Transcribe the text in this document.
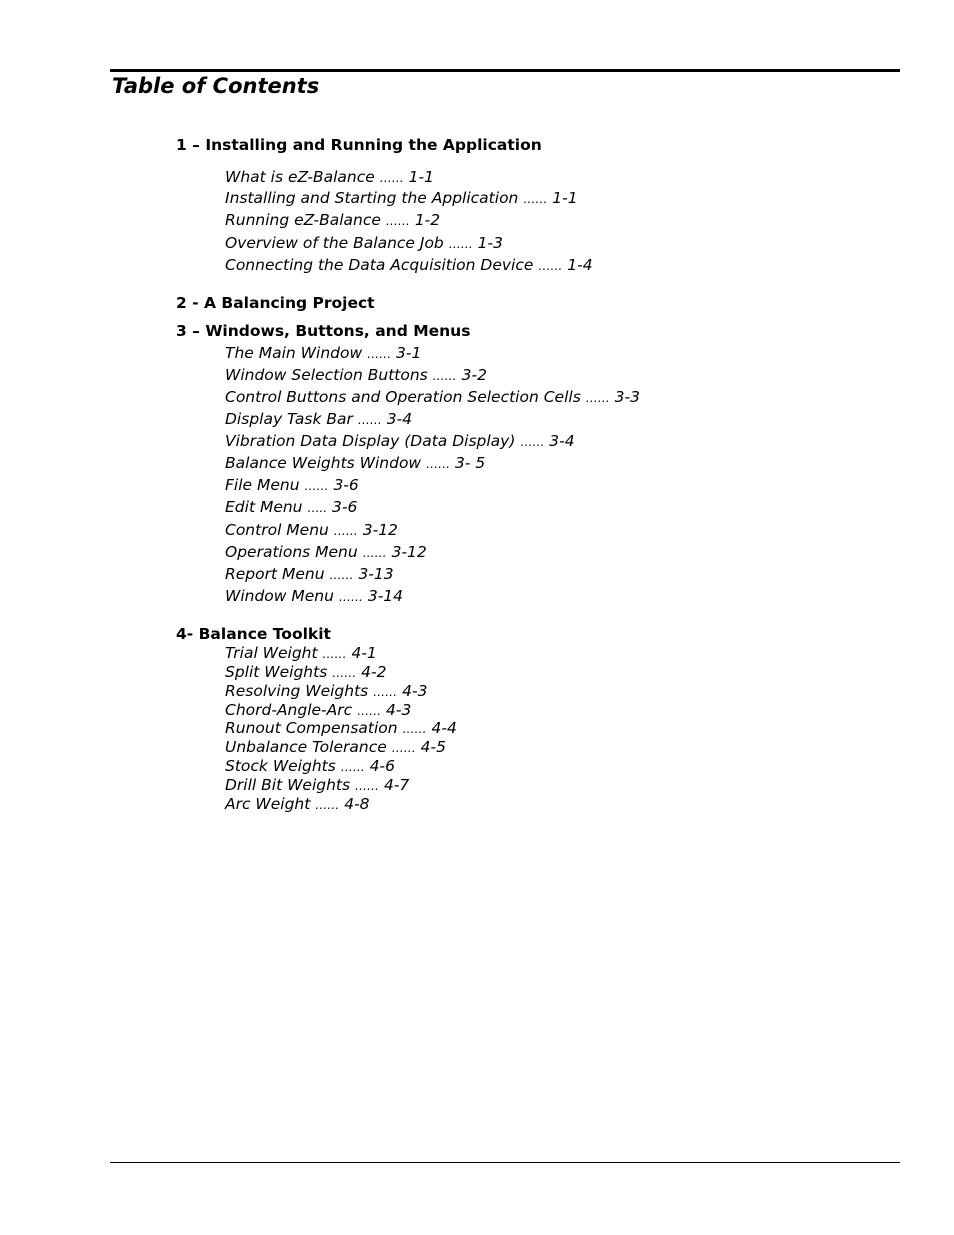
Table of Contents
1 – Installing and Running the Application
What is eZ-Balance …… 1-1
Installing and Starting the Application …… 1-1
Running eZ-Balance …… 1-2
Overview of the Balance Job …… 1-3
Connecting the Data Acquisition Device …… 1-4
2 - A Balancing Project
3 – Windows, Buttons, and Menus
The Main Window …… 3-1
Window Selection Buttons …… 3-2
Control Buttons and Operation Selection Cells …… 3-3
Display Task Bar …… 3-4
Vibration Data Display (Data Display) …… 3-4
Balance Weights Window …… 3- 5
File Menu …… 3-6
Edit Menu ….. 3-6
Control Menu …… 3-12
Operations Menu …… 3-12
Report Menu …… 3-13
Window Menu …… 3-14
4- Balance Toolkit
Trial Weight …… 4-1
Split Weights …… 4-2
Resolving Weights …… 4-3
Chord-Angle-Arc …… 4-3
Runout Compensation …… 4-4
Unbalance Tolerance …… 4-5
Stock Weights …… 4-6
Drill Bit Weights …… 4-7
Arc Weight …… 4-8
